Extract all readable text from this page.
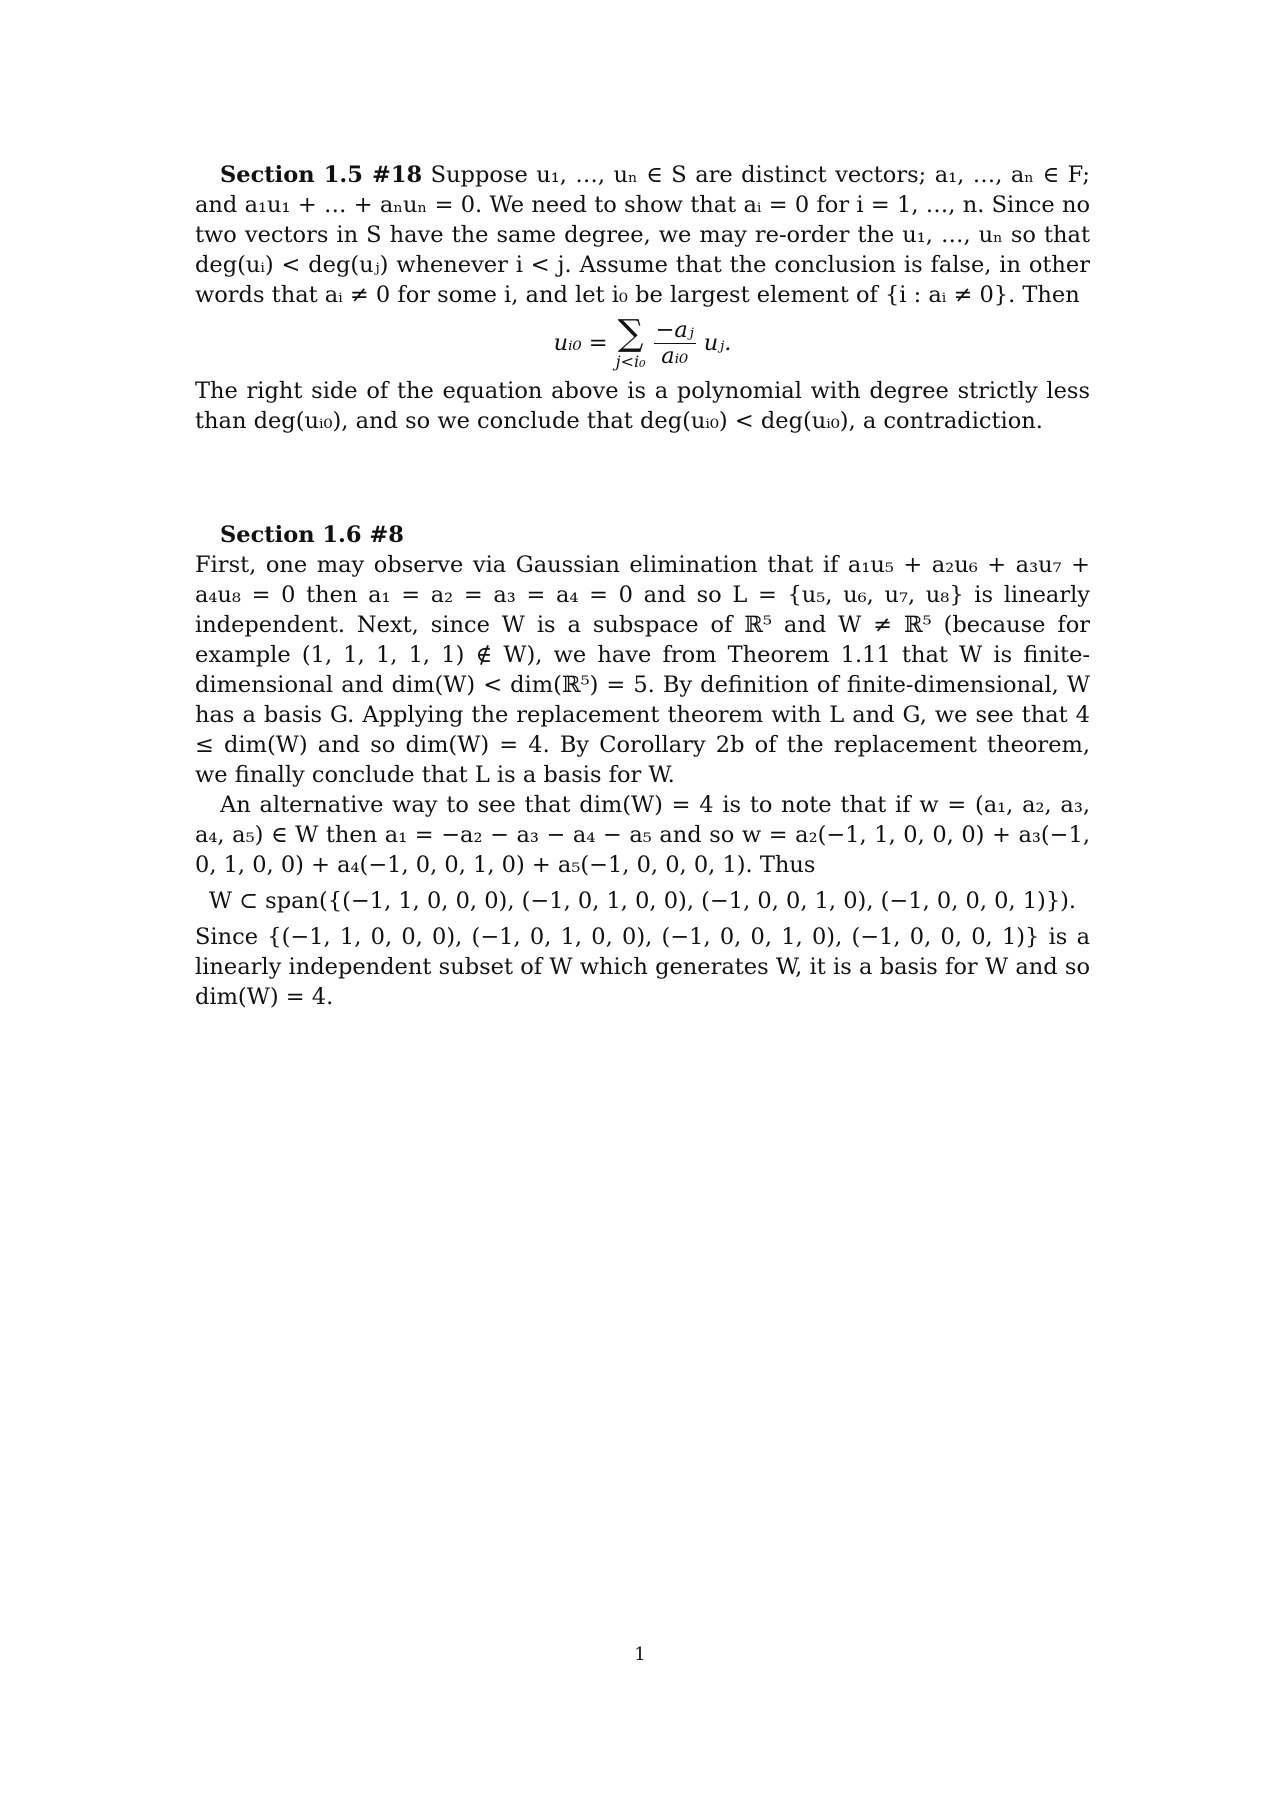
Section 1.5 #18 Suppose u₁, …, uₙ ∈ S are distinct vectors; a₁, …, aₙ ∈ F; and a₁u₁ + … + aₙuₙ = 0. We need to show that aᵢ = 0 for i = 1, …, n. Since no two vectors in S have the same degree, we may re-order the u₁, …, uₙ so that deg(uᵢ) < deg(uⱼ) whenever i < j. Assume that the conclusion is false, in other words that aᵢ ≠ 0 for some i, and let i₀ be largest element of {i : aᵢ ≠ 0}. Then
uᵢ₀ = ∑
$j<i_0 \frac{\text{−aⱼ}}{\text{aᵢ₀}}$ uⱼ.
The right side of the equation above is a polynomial with degree strictly less than deg(uᵢ₀), and so we conclude that deg(uᵢ₀) < deg(uᵢ₀), a contradiction.
Section 1.6 #8
First, one may observe via Gaussian elimination that if a₁u₅ + a₂u₆ + a₃u₇ + a₄u₈ = 0 then a₁ = a₂ = a₃ = a₄ = 0 and so L = {u₅, u₆, u₇, u₈} is linearly independent. Next, since W is a subspace of ℝ⁵ and W ≠ ℝ⁵ (because for example (1, 1, 1, 1, 1) ∉ W), we have from Theorem 1.11 that W is finite-dimensional and dim(W) < dim(ℝ⁵) = 5. By definition of finite-dimensional, W has a basis G. Applying the replacement theorem with L and G, we see that 4 ≤ dim(W) and so dim(W) = 4. By Corollary 2b of the replacement theorem, we finally conclude that L is a basis for W.
An alternative way to see that dim(W) = 4 is to note that if w = (a₁, a₂, a₃, a₄, a₅) ∈ W then a₁ = −a₂ − a₃ − a₄ − a₅ and so w = a₂(−1, 1, 0, 0, 0) + a₃(−1, 0, 1, 0, 0) + a₄(−1, 0, 0, 1, 0) + a₅(−1, 0, 0, 0, 1). Thus
W ⊂ span({(−1, 1, 0, 0, 0), (−1, 0, 1, 0, 0), (−1, 0, 0, 1, 0), (−1, 0, 0, 0, 1)}).
Since {(−1, 1, 0, 0, 0), (−1, 0, 1, 0, 0), (−1, 0, 0, 1, 0), (−1, 0, 0, 0, 1)} is a linearly independent subset of W which generates W, it is a basis for W and so dim(W) = 4.
1
